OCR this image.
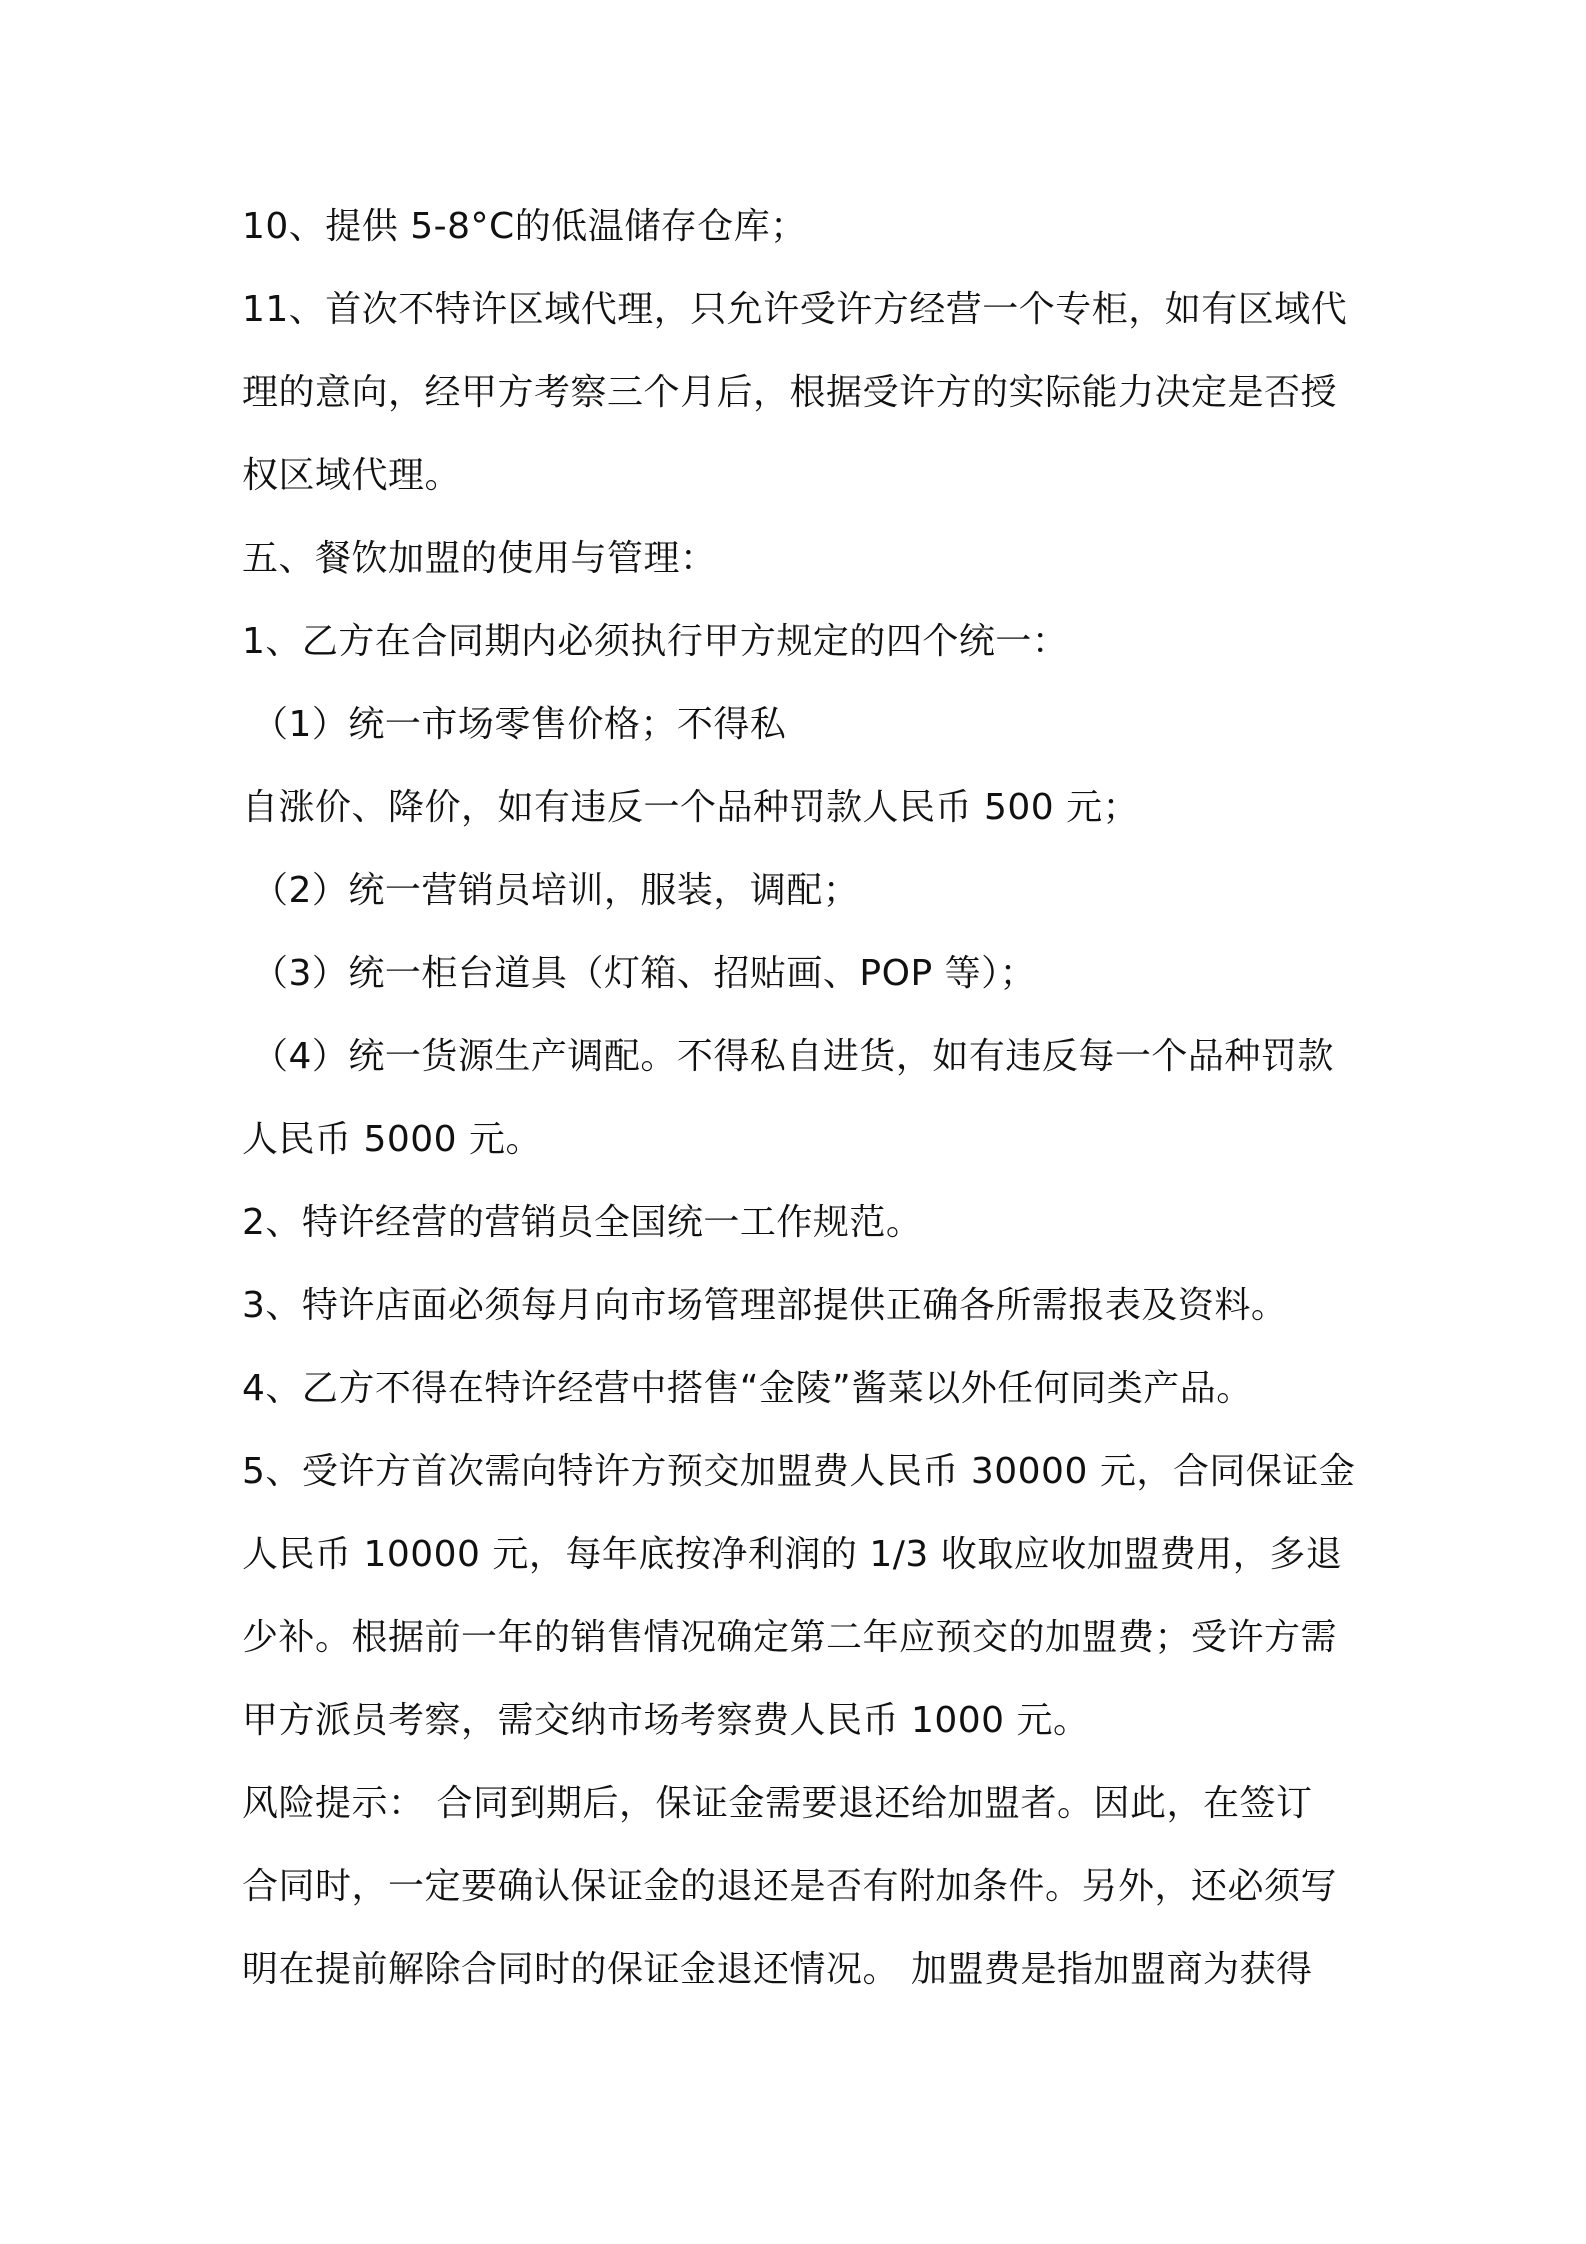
10、提供 5-8°C的低温储存仓库；
11、首次不特许区域代理，只允许受许方经营一个专柜，如有区域代
理的意向，经甲方考察三个月后，根据受许方的实际能力决定是否授
权区域代理。
五、餐饮加盟的使用与管理：
1、乙方在合同期内必须执行甲方规定的四个统一：
（1）统一市场零售价格；不得私
自涨价、降价，如有违反一个品种罚款人民币 500 元；
（2）统一营销员培训，服装，调配；
（3）统一柜台道具（灯箱、招贴画、POP 等）；
（4）统一货源生产调配。不得私自进货，如有违反每一个品种罚款
人民币 5000 元。
2、特许经营的营销员全国统一工作规范。
3、特许店面必须每月向市场管理部提供正确各所需报表及资料。
4、乙方不得在特许经营中搭售“金陵”酱菜以外任何同类产品。
5、受许方首次需向特许方预交加盟费人民币 30000 元，合同保证金
人民币 10000 元，每年底按净利润的 1/3 收取应收加盟费用，多退
少补。根据前一年的销售情况确定第二年应预交的加盟费；受许方需
甲方派员考察，需交纳市场考察费人民币 1000 元。
风险提示： 合同到期后，保证金需要退还给加盟者。因此，在签订
合同时，一定要确认保证金的退还是否有附加条件。另外，还必须写
明在提前解除合同时的保证金退还情况。 加盟费是指加盟商为获得
